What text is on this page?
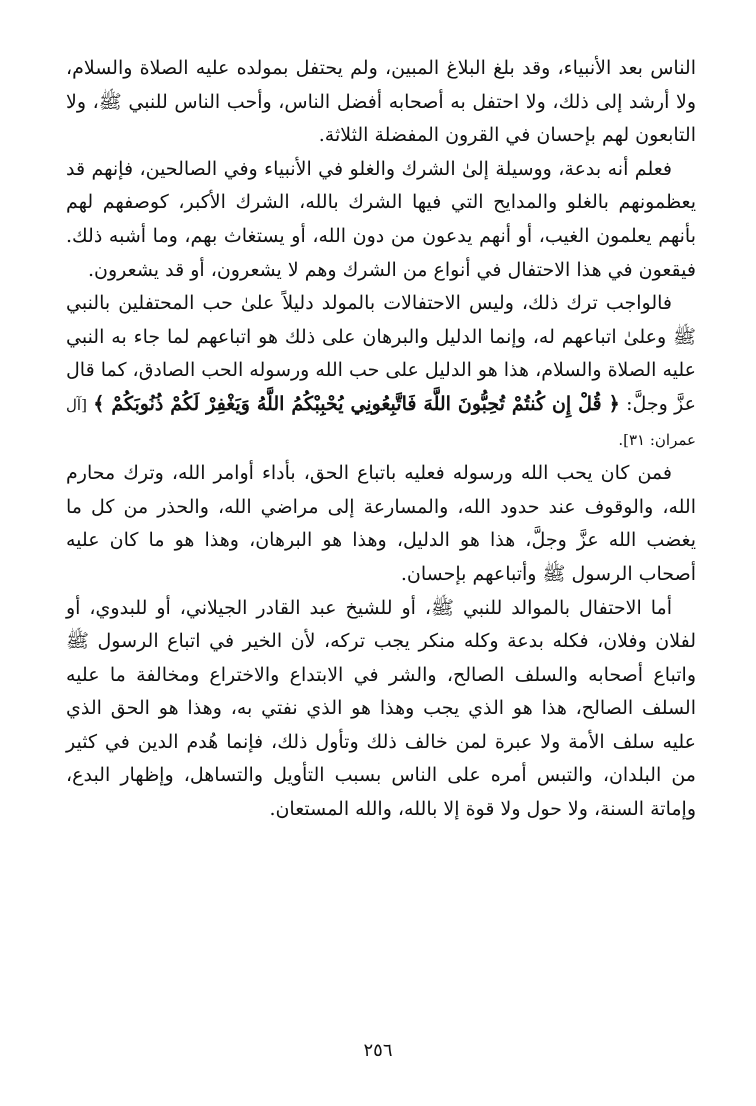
الناس بعد الأنبياء، وقد بلغ البلاغ المبين، ولم يحتفل بمولده عليه الصلاة والسلام، ولا أرشد إلى ذلك، ولا احتفل به أصحابه أفضل الناس، وأحب الناس للنبي ﷺ، ولا التابعون لهم بإحسان في القرون المفضلة الثلاثة.

فعلم أنه بدعة، ووسيلة إلىٰ الشرك والغلو في الأنبياء وفي الصالحين، فإنهم قد يعظمونهم بالغلو والمدايح التي فيها الشرك بالله، الشرك الأكبر، كوصفهم لهم بأنهم يعلمون الغيب، أو أنهم يدعون من دون الله، أو يستغاث بهم، وما أشبه ذلك. فيقعون في هذا الاحتفال في أنواع من الشرك وهم لا يشعرون، أو قد يشعرون.

فالواجب ترك ذلك، وليس الاحتفالات بالمولد دليلاً علىٰ حب المحتفلين بالنبي ﷺ وعلىٰ اتباعهم له، وإنما الدليل والبرهان على ذلك هو اتباعهم لما جاء به النبي عليه الصلاة والسلام، هذا هو الدليل على حب الله ورسوله الحب الصادق، كما قال عزَّ وجلَّ: ﴿ قُلْ إِن كُنتُمْ تُحِبُّونَ اللَّهَ فَاتَّبِعُونِي يُحْبِبْكُمُ اللَّهُ وَيَغْفِرْ لَكُمْ ذُنُوبَكُمْ ﴾ [آل عمران: ٣١].

فمن كان يحب الله ورسوله فعليه باتباع الحق، بأداء أوامر الله، وترك محارم الله، والوقوف عند حدود الله، والمسارعة إلى مراضي الله، والحذر من كل ما يغضب الله عزَّ وجلَّ، هذا هو الدليل، وهذا هو البرهان، وهذا هو ما كان عليه أصحاب الرسول ﷺ وأتباعهم بإحسان.

أما الاحتفال بالموالد للنبي ﷺ، أو للشيخ عبد القادر الجيلاني، أو للبدوي، أو لفلان وفلان، فكله بدعة وكله منكر يجب تركه، لأن الخير في اتباع الرسول ﷺ واتباع أصحابه والسلف الصالح، والشر في الابتداع والاختراع ومخالفة ما عليه السلف الصالح، هذا هو الذي يجب وهذا هو الذي نفتي به، وهذا هو الحق الذي عليه سلف الأمة ولا عبرة لمن خالف ذلك وتأول ذلك، فإنما هُدم الدين في كثير من البلدان، والتبس أمره على الناس بسبب التأويل والتساهل، وإظهار البدع، وإماتة السنة، ولا حول ولا قوة إلا بالله، والله المستعان.

٢٥٦
